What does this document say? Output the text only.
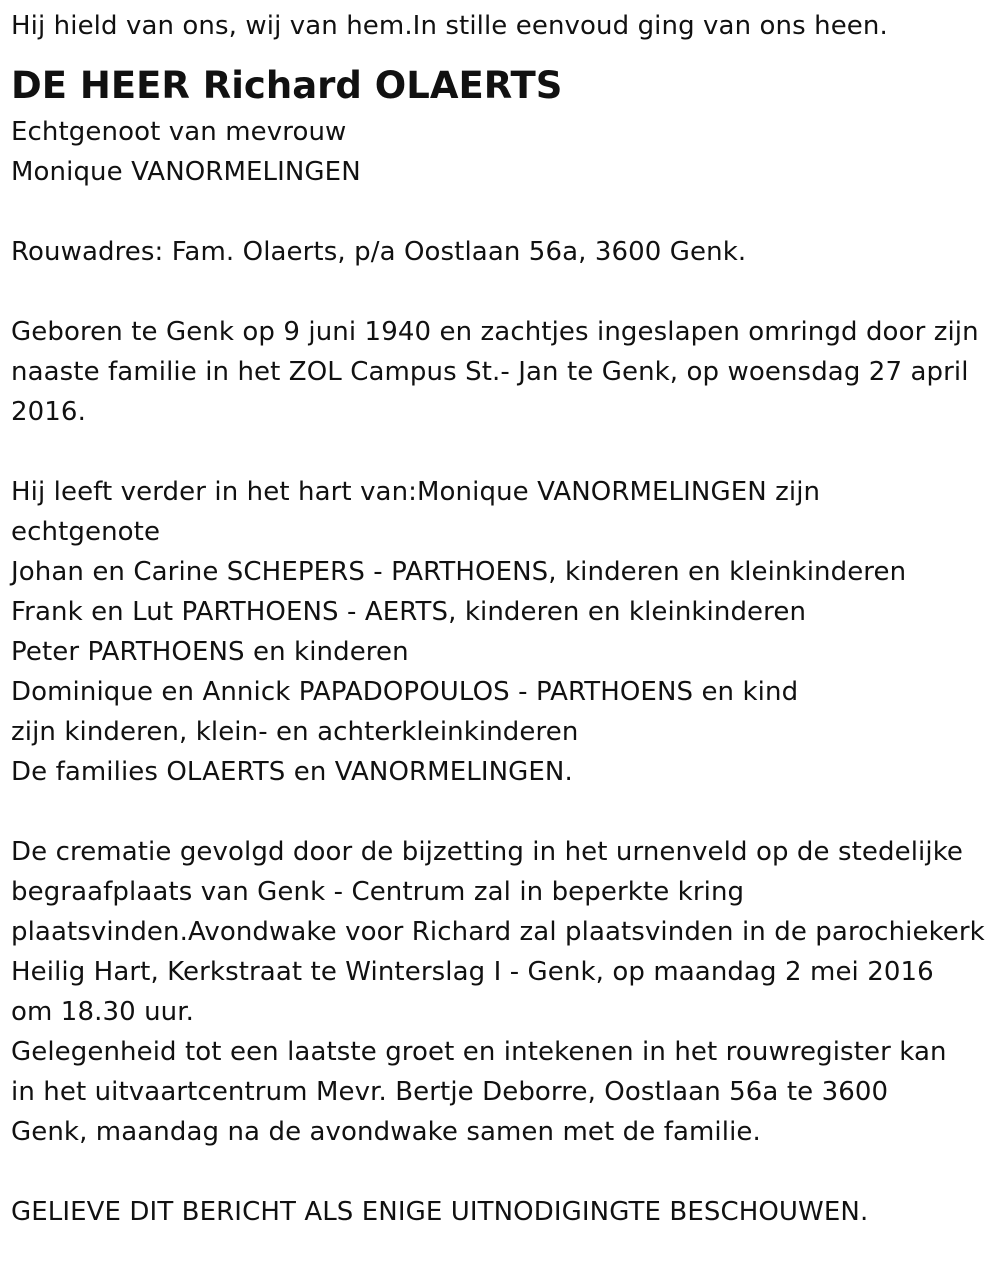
Hij hield van ons, wij van hem.In stille eenvoud ging van ons heen.
DE HEER Richard OLAERTS
Echtgenoot van mevrouw
Monique VANORMELINGEN
Rouwadres: Fam. Olaerts, p/a Oostlaan 56a, 3600 Genk.
Geboren te Genk op 9 juni 1940 en zachtjes ingeslapen omringd door zijn
naaste familie in het ZOL Campus St.- Jan te Genk, op woensdag 27 april
2016.
Hij leeft verder in het hart van:Monique VANORMELINGEN zijn
echtgenote
Johan en Carine SCHEPERS - PARTHOENS, kinderen en kleinkinderen
Frank en Lut PARTHOENS - AERTS, kinderen en kleinkinderen
Peter PARTHOENS en kinderen
Dominique en Annick PAPADOPOULOS - PARTHOENS en kind
zijn kinderen, klein- en achterkleinkinderen
De families OLAERTS en VANORMELINGEN.
De crematie gevolgd door de bijzetting in het urnenveld op de stedelijke
begraafplaats van Genk - Centrum zal in beperkte kring
plaatsvinden.Avondwake voor Richard zal plaatsvinden in de parochiekerk
Heilig Hart, Kerkstraat te Winterslag I - Genk, op maandag 2 mei 2016
om 18.30 uur.
Gelegenheid tot een laatste groet en intekenen in het rouwregister kan
in het uitvaartcentrum Mevr. Bertje Deborre, Oostlaan 56a te 3600
Genk, maandag na de avondwake samen met de familie.
GELIEVE DIT BERICHT ALS ENIGE UITNODIGINGTE BESCHOUWEN.
